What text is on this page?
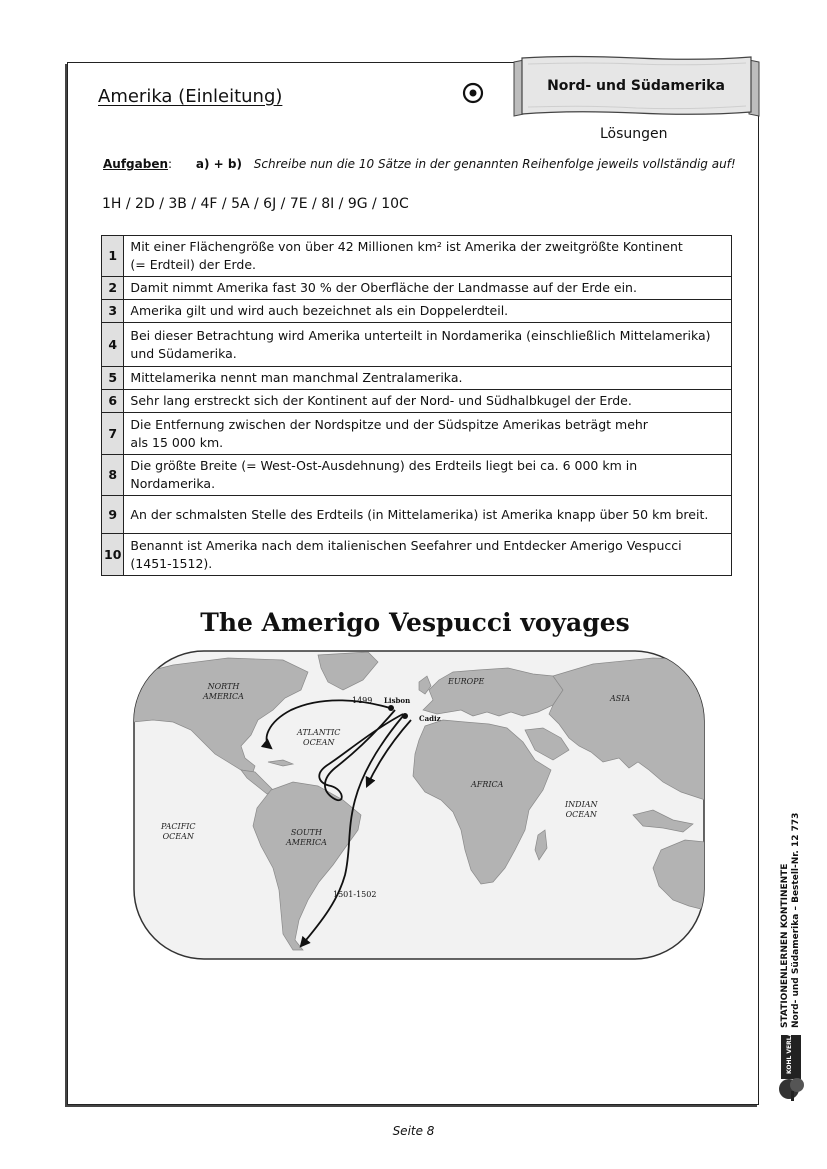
Amerika (Einleitung)	Nord- und Südamerika
Lösungen
Aufgaben: a) + b) Schreibe nun die 10 Sätze in der genannten Reihenfolge jeweils vollständig auf!
1H / 2D / 3B / 4F / 5A / 6J / 7E / 8I / 9G / 10C
1	Mit einer Flächengröße von über 42 Millionen km² ist Amerika der zweitgrößte Kontinent
(= Erdteil) der Erde.
2	Damit nimmt Amerika fast 30 % der Oberfläche der Landmasse auf der Erde ein.
3	Amerika gilt und wird auch bezeichnet als ein Doppelerdteil.
4	Bei dieser Betrachtung wird Amerika unterteilt in Nordamerika (einschließlich Mittelamerika)
und Südamerika.
5	Mittelamerika nennt man manchmal Zentralamerika.
6	Sehr lang erstreckt sich der Kontinent auf der Nord- und Südhalbkugel der Erde.
7	Die Entfernung zwischen der Nordspitze und der Südspitze Amerikas beträgt mehr
als 15 000 km.
8	Die größte Breite (= West-Ost-Ausdehnung) des Erdteils liegt bei ca. 6 000 km in Nordamerika.
9	An der schmalsten Stelle des Erdteils (in Mittelamerika) ist Amerika knapp über 50 km breit.
10	Benannt ist Amerika nach dem italienischen Seefahrer und Entdecker Amerigo Vespucci
(1451-1512).
The Amerigo Vespucci voyages
NORTH
AMERICA
SOUTH
AMERICA
EUROPE
ASIA
AFRICA
ATLANTIC
OCEAN
PACIFIC
OCEAN
INDIAN
OCEAN
Lisbon
Cadiz
1499
1501-1502	STATIONENLERNEN KONTINENTE Nord- und Südamerika – Bestell-Nr. 12 773
KOHL VERLAG
Seite 8
